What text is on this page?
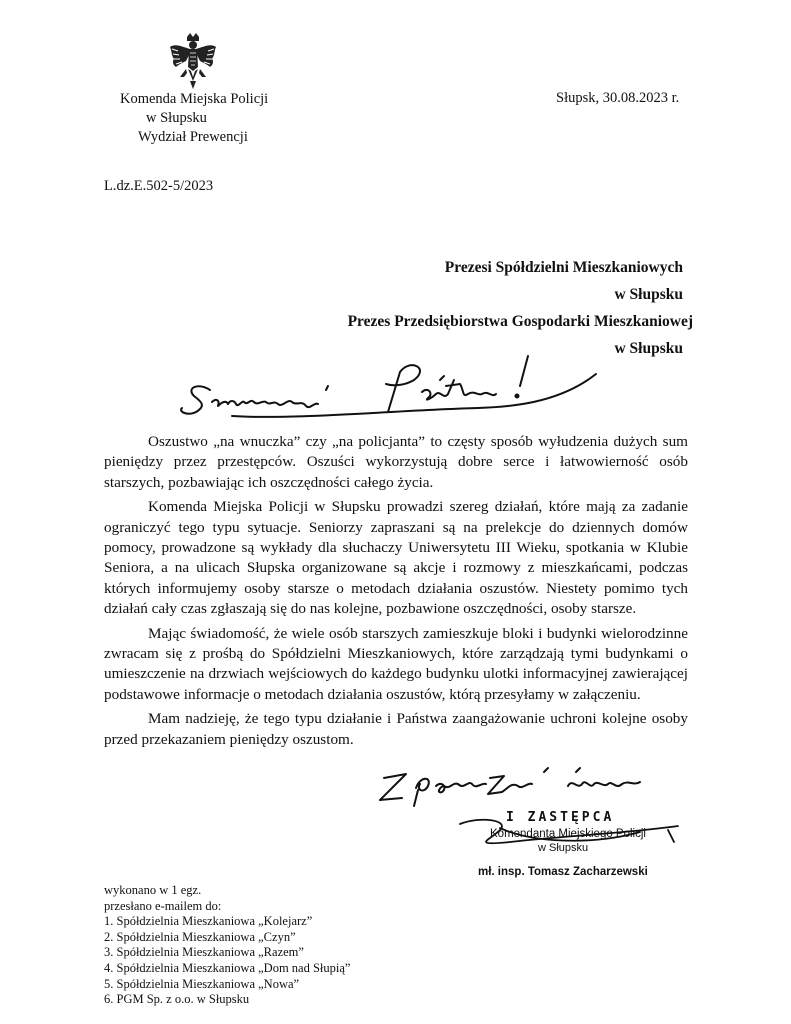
Komenda Miejska Policji
w Słupsku
Wydział Prewencji
Słupsk, 30.08.2023 r.
L.dz.E.502-5/2023
Prezesi Spółdzielni Mieszkaniowych
w Słupsku
Prezes Przedsiębiorstwa Gospodarki Mieszkaniowej
w Słupsku

Oszustwo „na wnuczka” czy „na policjanta” to częsty sposób wyłudzenia dużych sum pieniędzy przez przestępców. Oszuści wykorzystują dobre serce i łatwowierność osób starszych, pozbawiając ich oszczędności całego życia.

Komenda Miejska Policji w Słupsku prowadzi szereg działań, które mają za zadanie ograniczyć tego typu sytuacje. Seniorzy zapraszani są na prelekcje do dziennych domów pomocy, prowadzone są wykłady dla słuchaczy Uniwersytetu III Wieku, spotkania w Klubie Seniora, a na ulicach Słupska organizowane są akcje i rozmowy z mieszkańcami, podczas których informujemy osoby starsze o metodach działania oszustów. Niestety pomimo tych działań cały czas zgłaszają się do nas kolejne, pozbawione oszczędności, osoby starsze.

Mając świadomość, że wiele osób starszych zamieszkuje bloki i budynki wielorodzinne zwracam się z prośbą do Spółdzielni Mieszkaniowych, które zarządzają tymi budynkami o umieszczenie na drzwiach wejściowych do każdego budynku ulotki informacyjnej zawierającej podstawowe informacje o metodach działania oszustów, którą przesyłamy w załączeniu.

Mam nadzieję, że tego typu działanie i Państwa zaangażowanie uchroni kolejne osoby przed przekazaniem pieniędzy oszustom.

I ZASTĘPCA
Komendanta Miejskiego Policji
w Słupsku
mł. insp. Tomasz Zacharzewski
wykonano w 1 egz.
przesłano e-mailem do:
1. Spółdzielnia Mieszkaniowa „Kolejarz”
2. Spółdzielnia Mieszkaniowa „Czyn”
3. Spółdzielnia Mieszkaniowa „Razem”
4. Spółdzielnia Mieszkaniowa „Dom nad Słupią”
5. Spółdzielnia Mieszkaniowa „Nowa”
6. PGM Sp. z o.o. w Słupsku
